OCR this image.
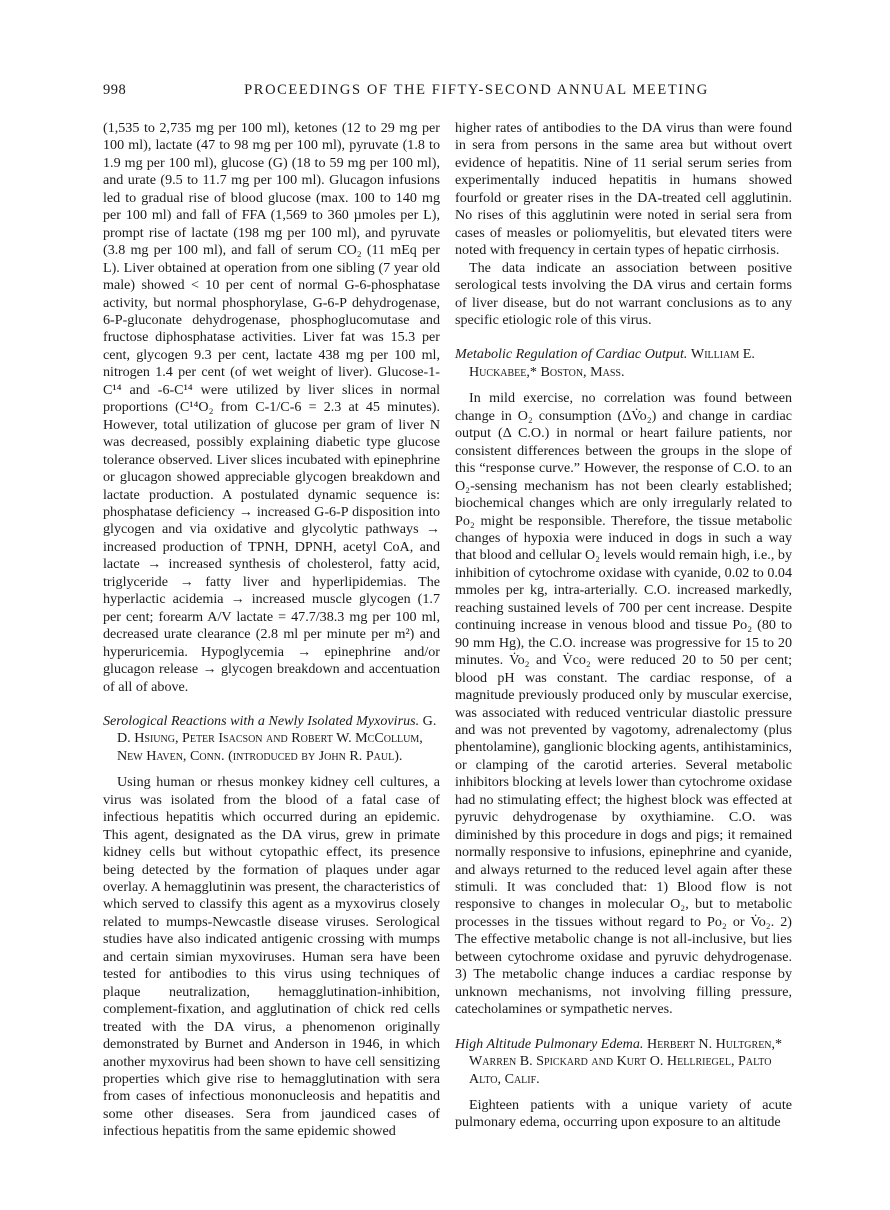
998	PROCEEDINGS OF THE FIFTY-SECOND ANNUAL MEETING

(1,535 to 2,735 mg per 100 ml), ketones (12 to 29 mg per 100 ml), lactate (47 to 98 mg per 100 ml), pyruvate (1.8 to 1.9 mg per 100 ml), glucose (G) (18 to 59 mg per 100 ml), and urate (9.5 to 11.7 mg per 100 ml). Glucagon infusions led to gradual rise of blood glucose (max. 100 to 140 mg per 100 ml) and fall of FFA (1,569 to 360 µmoles per L), prompt rise of lactate (198 mg per 100 ml), and pyruvate (3.8 mg per 100 ml), and fall of serum CO₂ (11 mEq per L). Liver obtained at operation from one sibling (7 year old male) showed < 10 per cent of normal G-6-phosphatase activity, but normal phosphorylase, G-6-P dehydrogenase, 6-P-gluconate dehydrogenase, phosphoglucomutase and fructose diphosphatase activities. Liver fat was 15.3 per cent, glycogen 9.3 per cent, lactate 438 mg per 100 ml, nitrogen 1.4 per cent (of wet weight of liver). Glucose-1-C¹⁴ and -6-C¹⁴ were utilized by liver slices in normal proportions (C¹⁴O₂ from C-1/C-6 = 2.3 at 45 minutes). However, total utilization of glucose per gram of liver N was decreased, possibly explaining diabetic type glucose tolerance observed. Liver slices incubated with epinephrine or glucagon showed appreciable glycogen breakdown and lactate production. A postulated dynamic sequence is: phosphatase deficiency → increased G-6-P disposition into glycogen and via oxidative and glycolytic pathways → increased production of TPNH, DPNH, acetyl CoA, and lactate → increased synthesis of cholesterol, fatty acid, triglyceride → fatty liver and hyperlipidemias. The hyperlactic acidemia → increased muscle glycogen (1.7 per cent; forearm A/V lactate = 47.7/38.3 mg per 100 ml, decreased urate clearance (2.8 ml per minute per m²) and hyperuricemia. Hypoglycemia → epinephrine and/or glucagon release → glycogen breakdown and accentuation of all of above.

Serological Reactions with a Newly Isolated Myxovirus. G. D. Hsiung, Peter Isacson and Robert W. McCollum, New Haven, Conn. (introduced by John R. Paul).

Using human or rhesus monkey kidney cell cultures, a virus was isolated from the blood of a fatal case of infectious hepatitis which occurred during an epidemic. This agent, designated as the DA virus, grew in primate kidney cells but without cytopathic effect, its presence being detected by the formation of plaques under agar overlay. A hemagglutinin was present, the characteristics of which served to classify this agent as a myxovirus closely related to mumps-Newcastle disease viruses. Serological studies have also indicated antigenic crossing with mumps and certain simian myxoviruses. Human sera have been tested for antibodies to this virus using techniques of plaque neutralization, hemagglutination-inhibition, complement-fixation, and agglutination of chick red cells treated with the DA virus, a phenomenon originally demonstrated by Burnet and Anderson in 1946, in which another myxovirus had been shown to have cell sensitizing properties which give rise to hemagglutination with sera from cases of infectious mononucleosis and hepatitis and some other diseases. Sera from jaundiced cases of infectious hepatitis from the same epidemic showed

higher rates of antibodies to the DA virus than were found in sera from persons in the same area but without overt evidence of hepatitis. Nine of 11 serial serum series from experimentally induced hepatitis in humans showed fourfold or greater rises in the DA-treated cell agglutinin. No rises of this agglutinin were noted in serial sera from cases of measles or poliomyelitis, but elevated titers were noted with frequency in certain types of hepatic cirrhosis.

The data indicate an association between positive serological tests involving the DA virus and certain forms of liver disease, but do not warrant conclusions as to any specific etiologic role of this virus.

Metabolic Regulation of Cardiac Output. William E. Huckabee,* Boston, Mass.

In mild exercise, no correlation was found between change in O₂ consumption (ΔV̇o₂) and change in cardiac output (Δ C.O.) in normal or heart failure patients, nor consistent differences between the groups in the slope of this “response curve.” However, the response of C.O. to an O₂-sensing mechanism has not been clearly established; biochemical changes which are only irregularly related to Po₂ might be responsible. Therefore, the tissue metabolic changes of hypoxia were induced in dogs in such a way that blood and cellular O₂ levels would remain high, i.e., by inhibition of cytochrome oxidase with cyanide, 0.02 to 0.04 mmoles per kg, intra-arterially. C.O. increased markedly, reaching sustained levels of 700 per cent increase. Despite continuing increase in venous blood and tissue Po₂ (80 to 90 mm Hg), the C.O. increase was progressive for 15 to 20 minutes. V̇o₂ and V̇co₂ were reduced 20 to 50 per cent; blood pH was constant. The cardiac response, of a magnitude previously produced only by muscular exercise, was associated with reduced ventricular diastolic pressure and was not prevented by vagotomy, adrenalectomy (plus phentolamine), ganglionic blocking agents, antihistaminics, or clamping of the carotid arteries. Several metabolic inhibitors blocking at levels lower than cytochrome oxidase had no stimulating effect; the highest block was effected at pyruvic dehydrogenase by oxythiamine. C.O. was diminished by this procedure in dogs and pigs; it remained normally responsive to infusions, epinephrine and cyanide, and always returned to the reduced level again after these stimuli. It was concluded that: 1) Blood flow is not responsive to changes in molecular O₂, but to metabolic processes in the tissues without regard to Po₂ or V̇o₂. 2) The effective metabolic change is not all-inclusive, but lies between cytochrome oxidase and pyruvic dehydrogenase. 3) The metabolic change induces a cardiac response by unknown mechanisms, not involving filling pressure, catecholamines or sympathetic nerves.

High Altitude Pulmonary Edema. Herbert N. Hultgren,* Warren B. Spickard and Kurt O. Hellriegel, Palto Alto, Calif.

Eighteen patients with a unique variety of acute pulmonary edema, occurring upon exposure to an altitude
